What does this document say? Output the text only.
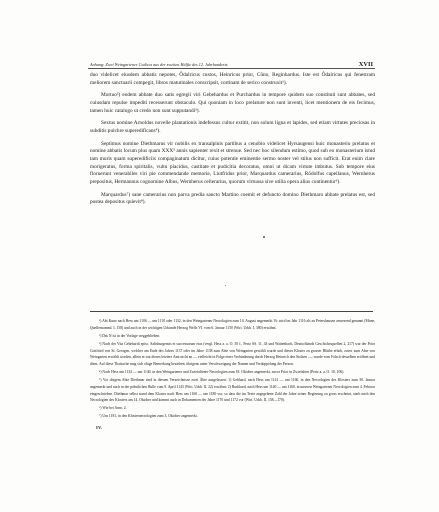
Anhang: Zwei Weingartener Codices aus der zweiten Hälfte des 12. Jahrhunderts.	XVII

duo videlicet eiusdem abbatis nepotes, Ôdalricus custos, Heinricus prior, Cûno, Reginhardus. Iste est Ôdalricus qui fenestram meliorem sanctuarii compegit, libros matutinales conscripsit, cortinam de serico construxit¹).

Mortuo²) eodem abbate duo satis egregii viri Gebehardus et Purchardus in tempore quidem suo constituti sunt abbates, sed cuiusdam repulse impediti recesserunt obstaculo. Qui quoniam in loco prelature non sunt inventi, licet mentionem de eis fecimus, tamen huic catalogo ut credo non sunt supputandi³).

Sextus nomine Arnoldus novelle plantationis indefessus cultor extitit, non solum ligna et lapides, sed etiam virtutes preciosas in subditis pulchre superedificans⁴).

Septimus nomine Diethmarus vir nobilis ex transalpinis partibus a cenobio videlicet Hyrsaugensi huic monasterio prelatus et nomine abbatis locum plus quam XXX⁵ annis sapienter rexit et strenue. Sed nec hoc silendum estimo, quod sub eo monasterium istud tam muris quam superedificiis compaginatum dicitur, cuius potentie eminentie sermo noster vel stilus non sufficit. Erat enim clare morigeratus, forma spiritalis, vultu placidus, castitate et pudicitia decoratus, omni ut dicam virtute imbutus. Sub tempore eius floruerunt venerabiles viri pie commendande memorie, Liutfridus prior, Marquardus camerarius, Rôdolfus capellanus, Wernherus prepositus, Hermannus cognomine Albus, Wernherus cellerarius, quorum virtuosa sive utilia opera alius continentur⁶).

Marquardus⁷) sane camerarius non parva predia sancto Martino coemit et defuncto domino Diethmaro abbate prelatus est, sed postea depositus quievit⁸).

¹) Abt Kuno nach Hess um 1106 — um 1110 oder 1132, in den Weingartener Necrologien zum 14. August angemerkt. Er wird im Jahr 1116 als zu Petershausen anwesend genannt (Mone, Quellensamml. I, 158) und auch in der wichtigen Urkunde Herzog Welfs VI. vom 6. Januar 1150 (Wirt. Urkb. I, 380) erwähnt.

²) Das N ist in der Vorlage weggeblieben.

³) Nach der Vita Gebehardi episc. Salisburgensis et successorum eius (vergl. Hess a. a. O. 50 f., Pertz SS. 11, 43 und Wattenbach, Deutschlands Geschichtsquellen 2, 217) war der Prior Gottfried von St. Georgen, welcher am Ende des Jahres 1137 oder im Jahre 1138 zum Abte von Weingarten gewählt wurde und dieses Kloster zu grosser Blüthe erhob, zuvor zum Abte von Weingarten erwählt worden, allein er trat dieses letztere Amt nicht an — vielleicht in Folge einer Verhinderung durch Herzog Heinrich den Stolzen —, wurde vom Falsch desselben eröffnet und dient. Auf diese Thatsache mag sich obige Bemerkung beziehen, übrigens unter Verschweigung der Namen und Verdoppelung der Person.

⁴) Nach Hess um 1132 — um 1140, in den Weingartener und Zwiefaltener Necrologien zum 18. Oktober angemerkt, zuvor Prior in Zwiefalten (Pertz a. a. O. 10, 106).

⁵) Vor obigem Abte Diethmar sind in diesem Verzeichnisse zwei Äbte ausgelassen: 1) Gebhard, nach Hess um 1141 — um 1160, in den Necrologien des Klosters zum 30. Januar angemerkt und auch in der päbstlichen Bulle vom 9. April 1143 (Wirt. Urkb. II, 22) erwähnt; 2) Burkhard, nach Hess um 1140 — um 1160, in unseren Weingartener Necrologien zum 4. Februar eingeschrieben. Diethmar selbst stand dem Kloster nach Hess um 1160 — um 1180 vor, so dass die im Texte angegebene Zahl der Jahre seiner Regierung zu gross erscheint, starb nach den Necrologien des Klosters am 14. Oktober und kommt auch in Dokumenten der Jahre 1170 und 1172 vor (Wirt. Urkb. II, 158—170).

⁶) Wie bei Anm. 2.

⁷) Um 1181, in den Klosternecrologien zum 3. Oktober angemerkt.

IV.
